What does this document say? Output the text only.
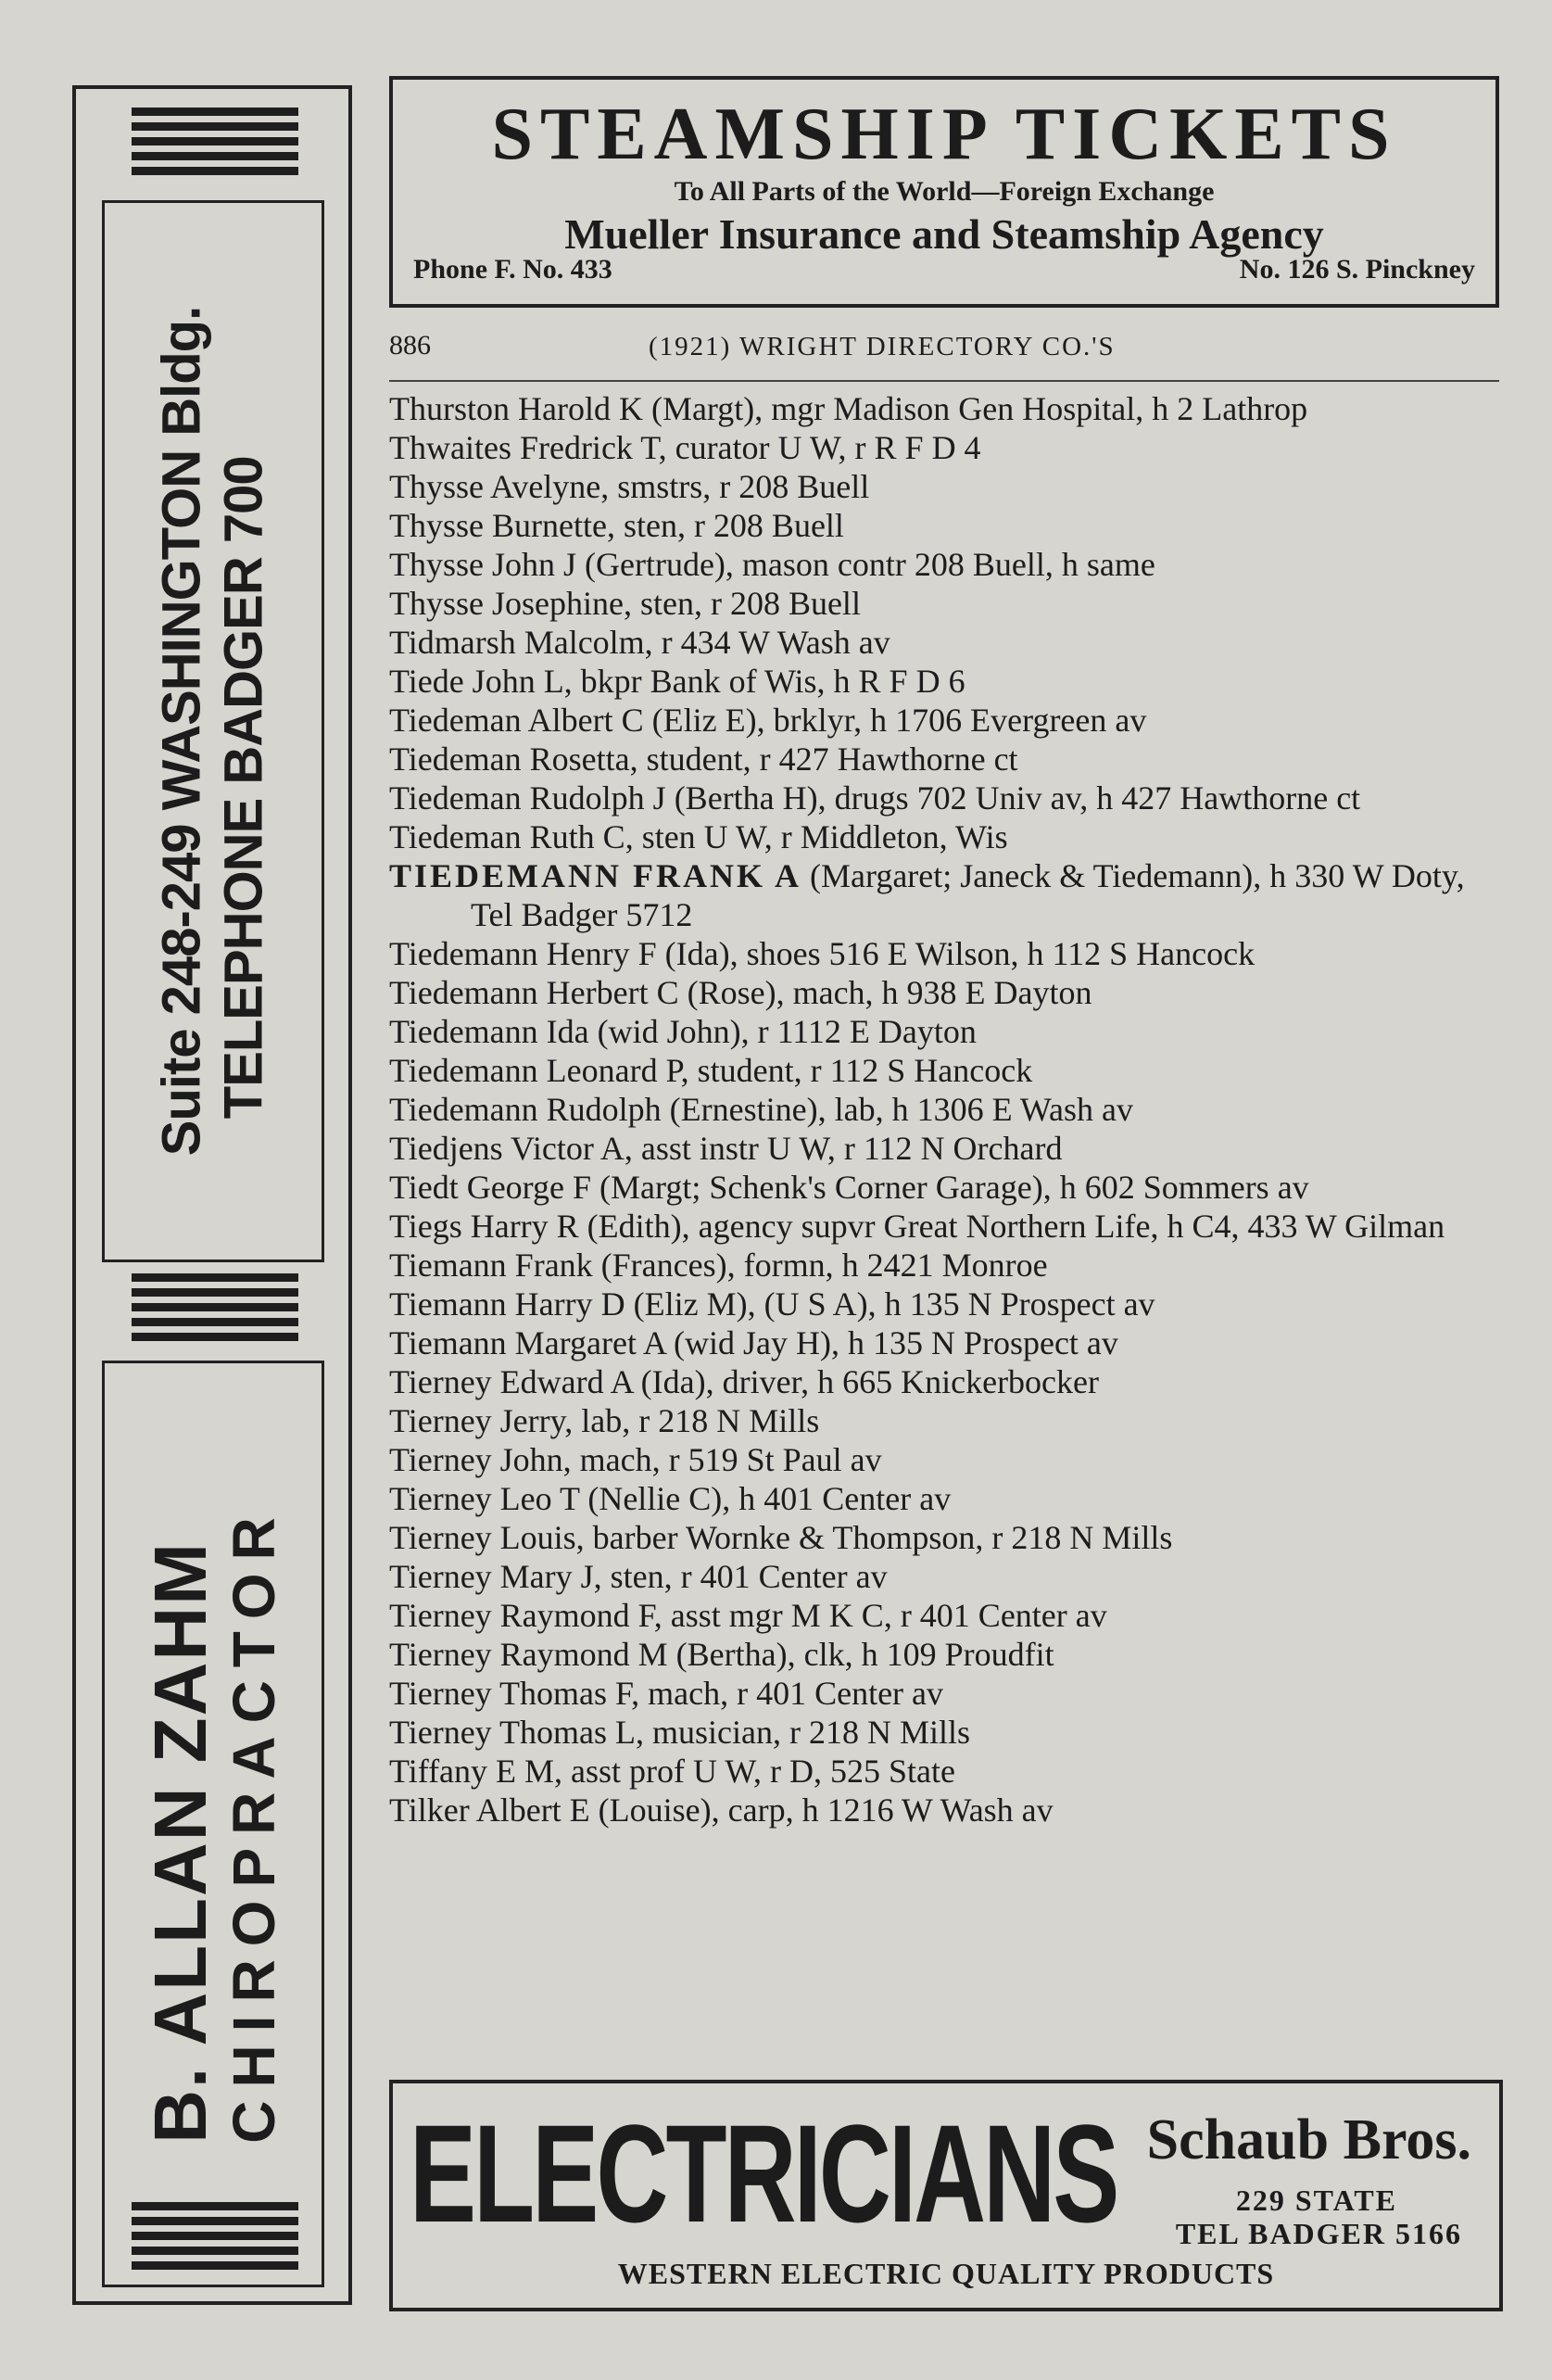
Suite 248-249 WASHINGTON Bldg. TELEPHONE BADGER 700
B. ALLAN ZAHM CHIROPRACTOR
STEAMSHIP TICKETS
To All Parts of the World—Foreign Exchange
Mueller Insurance and Steamship Agency
Phone F. No. 433	No. 126 S. Pinckney
886	(1921) WRIGHT DIRECTORY CO.'S
Thurston Harold K (Margt), mgr Madison Gen Hospital, h 2 Lathrop
Thwaites Fredrick T, curator U W, r R F D 4
Thysse Avelyne, smstrs, r 208 Buell
Thysse Burnette, sten, r 208 Buell
Thysse John J (Gertrude), mason contr 208 Buell, h same
Thysse Josephine, sten, r 208 Buell
Tidmarsh Malcolm, r 434 W Wash av
Tiede John L, bkpr Bank of Wis, h R F D 6
Tiedeman Albert C (Eliz E), brklyr, h 1706 Evergreen av
Tiedeman Rosetta, student, r 427 Hawthorne ct
Tiedeman Rudolph J (Bertha H), drugs 702 Univ av, h 427 Hawthorne ct
Tiedeman Ruth C, sten U W, r Middleton, Wis
TIEDEMANN FRANK A (Margaret; Janeck & Tiedemann), h 330 W Doty, Tel Badger 5712
Tiedemann Henry F (Ida), shoes 516 E Wilson, h 112 S Hancock
Tiedemann Herbert C (Rose), mach, h 938 E Dayton
Tiedemann Ida (wid John), r 1112 E Dayton
Tiedemann Leonard P, student, r 112 S Hancock
Tiedemann Rudolph (Ernestine), lab, h 1306 E Wash av
Tiedjens Victor A, asst instr U W, r 112 N Orchard
Tiedt George F (Margt; Schenk's Corner Garage), h 602 Sommers av
Tiegs Harry R (Edith), agency supvr Great Northern Life, h C4, 433 W Gilman
Tiemann Frank (Frances), formn, h 2421 Monroe
Tiemann Harry D (Eliz M), (U S A), h 135 N Prospect av
Tiemann Margaret A (wid Jay H), h 135 N Prospect av
Tierney Edward A (Ida), driver, h 665 Knickerbocker
Tierney Jerry, lab, r 218 N Mills
Tierney John, mach, r 519 St Paul av
Tierney Leo T (Nellie C), h 401 Center av
Tierney Louis, barber Wornke & Thompson, r 218 N Mills
Tierney Mary J, sten, r 401 Center av
Tierney Raymond F, asst mgr M K C, r 401 Center av
Tierney Raymond M (Bertha), clk, h 109 Proudfit
Tierney Thomas F, mach, r 401 Center av
Tierney Thomas L, musician, r 218 N Mills
Tiffany E M, asst prof U W, r D, 525 State
Tilker Albert E (Louise), carp, h 1216 W Wash av
ELECTRICIANS Schaub Bros.
229 STATE
TEL BADGER 5166
WESTERN ELECTRIC QUALITY PRODUCTS
